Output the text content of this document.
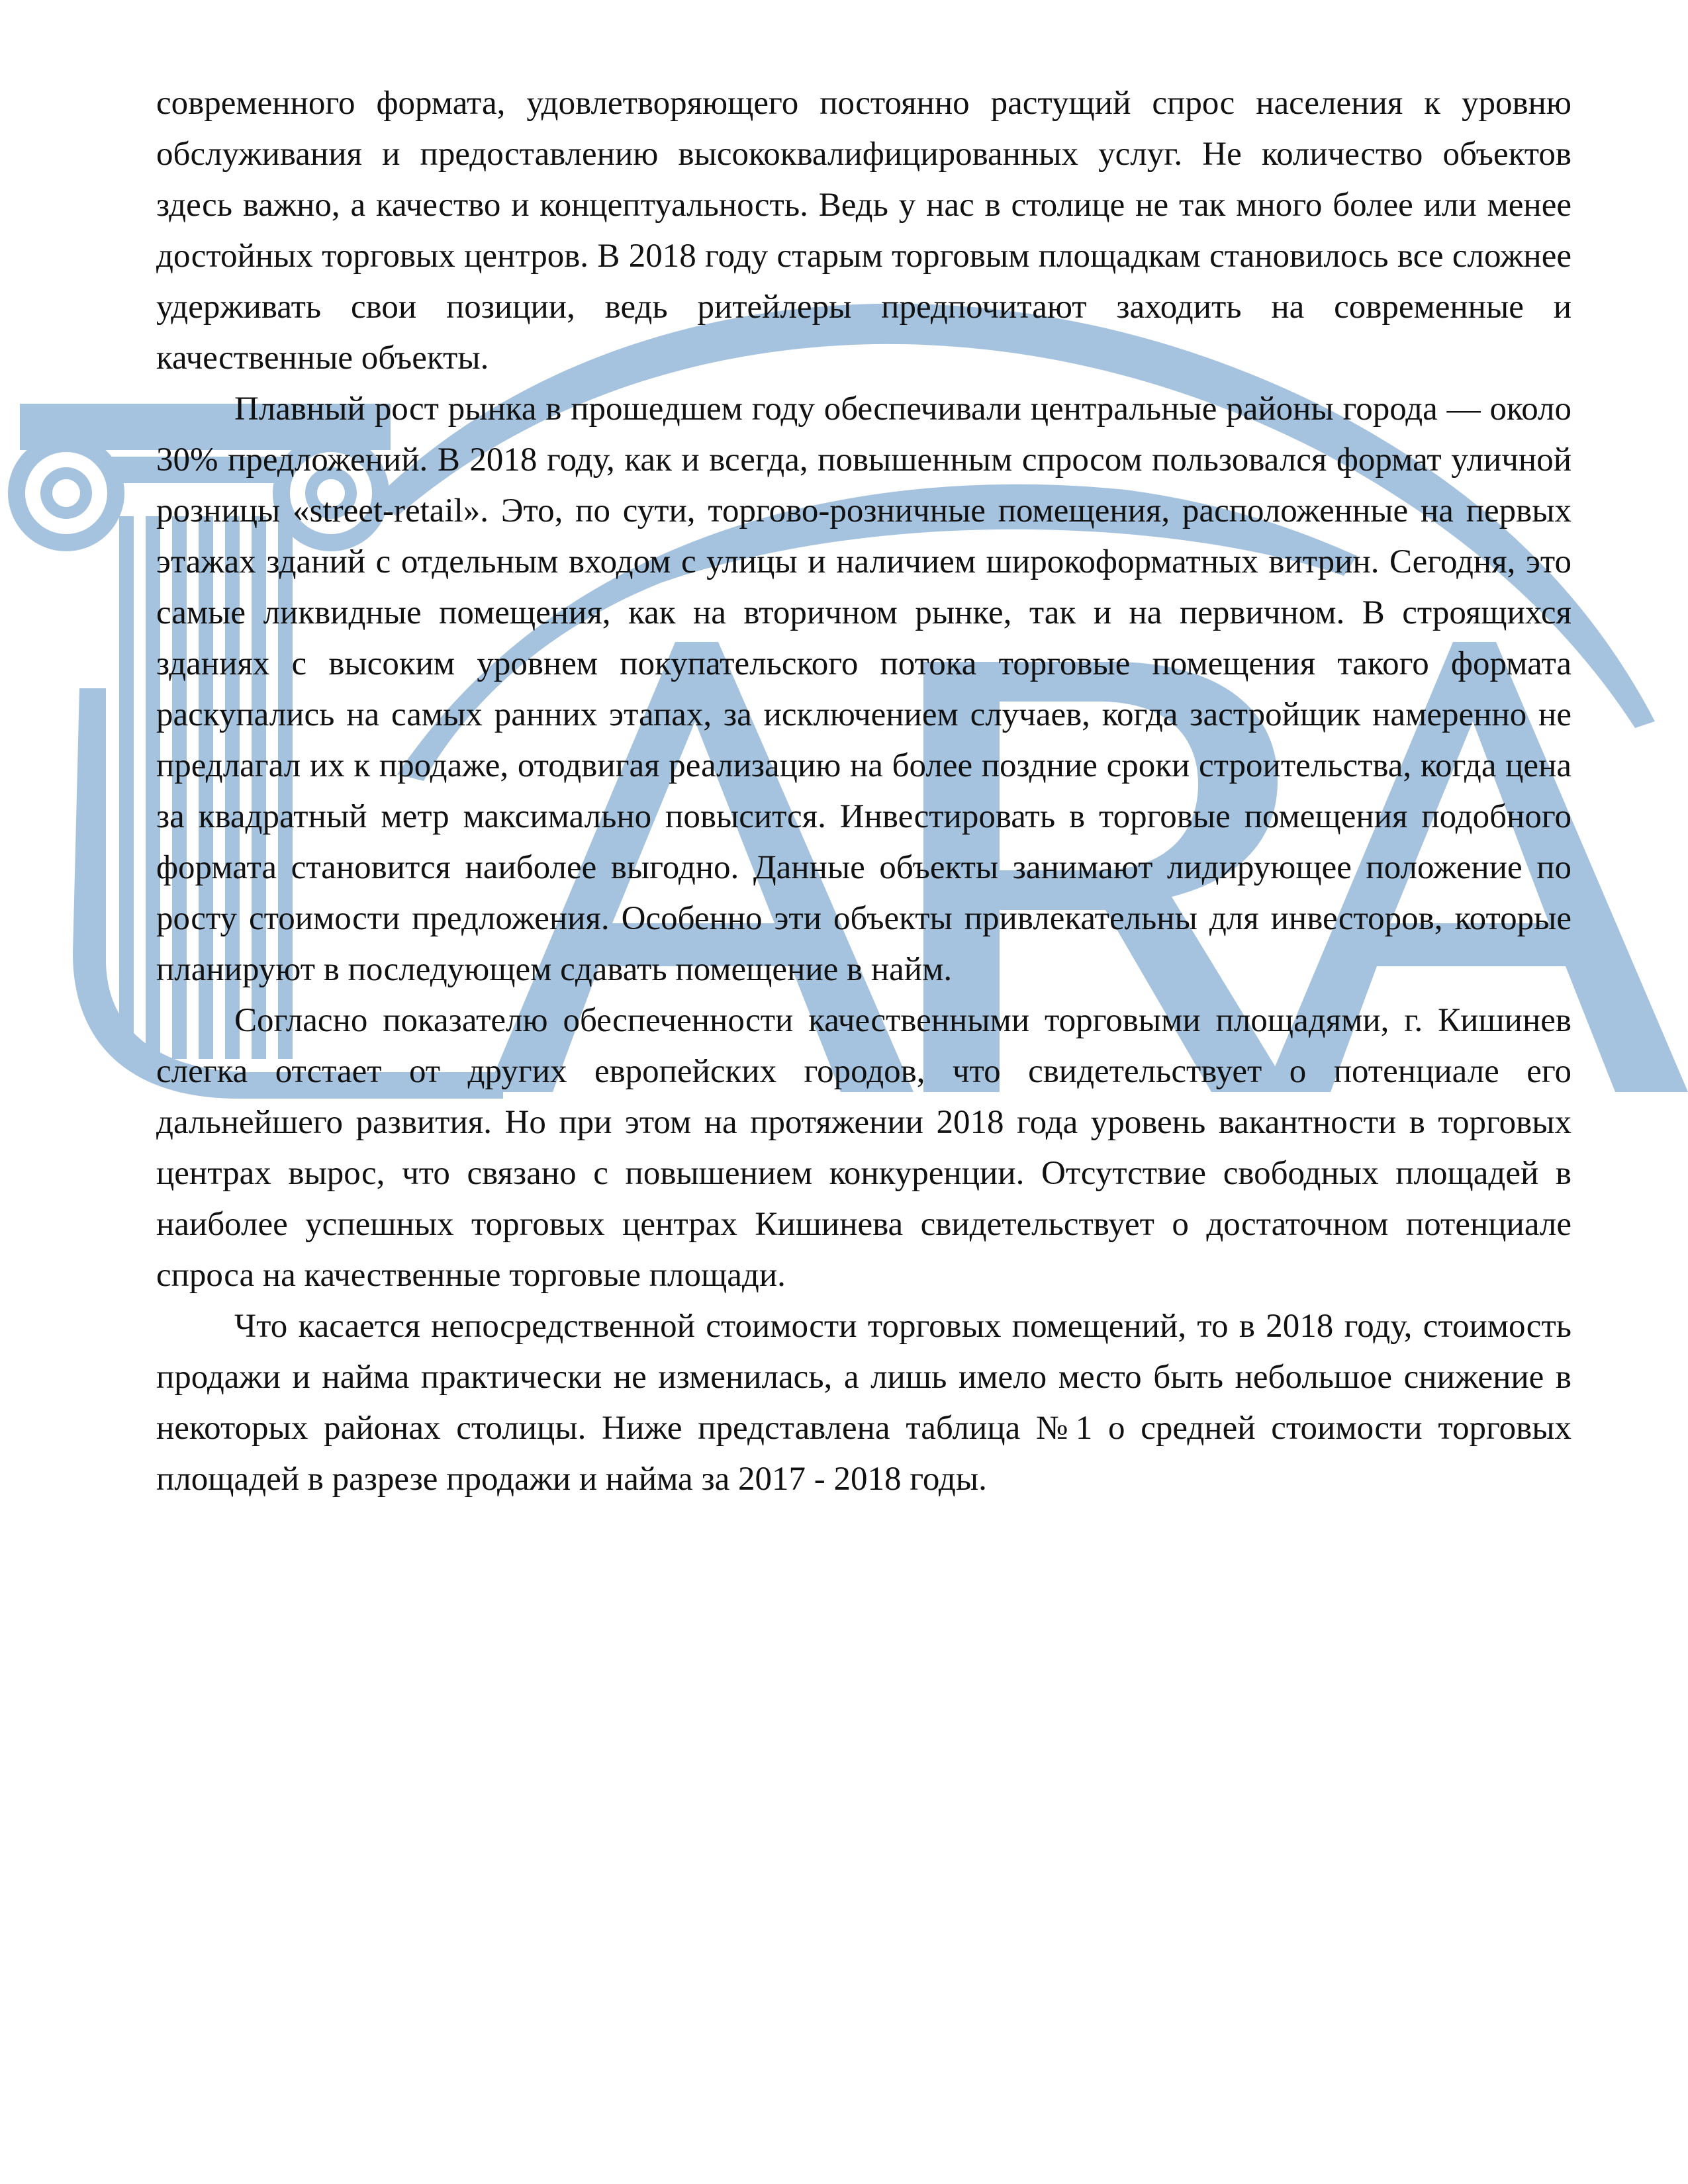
современного формата, удовлетворяющего постоянно растущий спрос населения к уровню обслуживания и предоставлению высококвалифицированных услуг. Не количество объектов здесь важно, а качество и концептуальность. Ведь у нас в столице не так много более или менее достойных торговых центров. В 2018 году старым торговым площадкам становилось все сложнее удерживать свои позиции, ведь ритейлеры предпочитают заходить на современные и качественные объекты.

Плавный рост рынка в прошедшем году обеспечивали центральные районы города — около 30% предложений. В 2018 году, как и всегда, повышенным спросом пользовался формат уличной розницы «street-retail». Это, по сути, торгово-розничные помещения, расположенные на первых этажах зданий с отдельным входом с улицы и наличием широкоформатных витрин. Сегодня, это самые ликвидные помещения, как на вторичном рынке, так и на первичном. В строящихся зданиях с высоким уровнем покупательского потока торговые помещения такого формата раскупались на самых ранних этапах, за исключением случаев, когда застройщик намеренно не предлагал их к продаже, отодвигая реализацию на более поздние сроки строительства, когда цена за квадратный метр максимально повысится. Инвестировать в торговые помещения подобного формата становится наиболее выгодно. Данные объекты занимают лидирующее положение по росту стоимости предложения. Особенно эти объекты привлекательны для инвесторов, которые планируют в последующем сдавать помещение в найм.

Согласно показателю обеспеченности качественными торговыми площадями, г. Кишинев слегка отстает от других европейских городов, что свидетельствует о потенциале его дальнейшего развития. Но при этом на протяжении 2018 года уровень вакантности в торговых центрах вырос, что связано с повышением конкуренции. Отсутствие свободных площадей в наиболее успешных торговых центрах Кишинева свидетельствует о достаточном потенциале спроса на качественные торговые площади.

Что касается непосредственной стоимости торговых помещений, то в 2018 году, стоимость продажи и найма практически не изменилась, а лишь имело место быть небольшое снижение в некоторых районах столицы. Ниже представлена таблица №1 о средней стоимости торговых площадей в разрезе продажи и найма за 2017 - 2018 годы.
